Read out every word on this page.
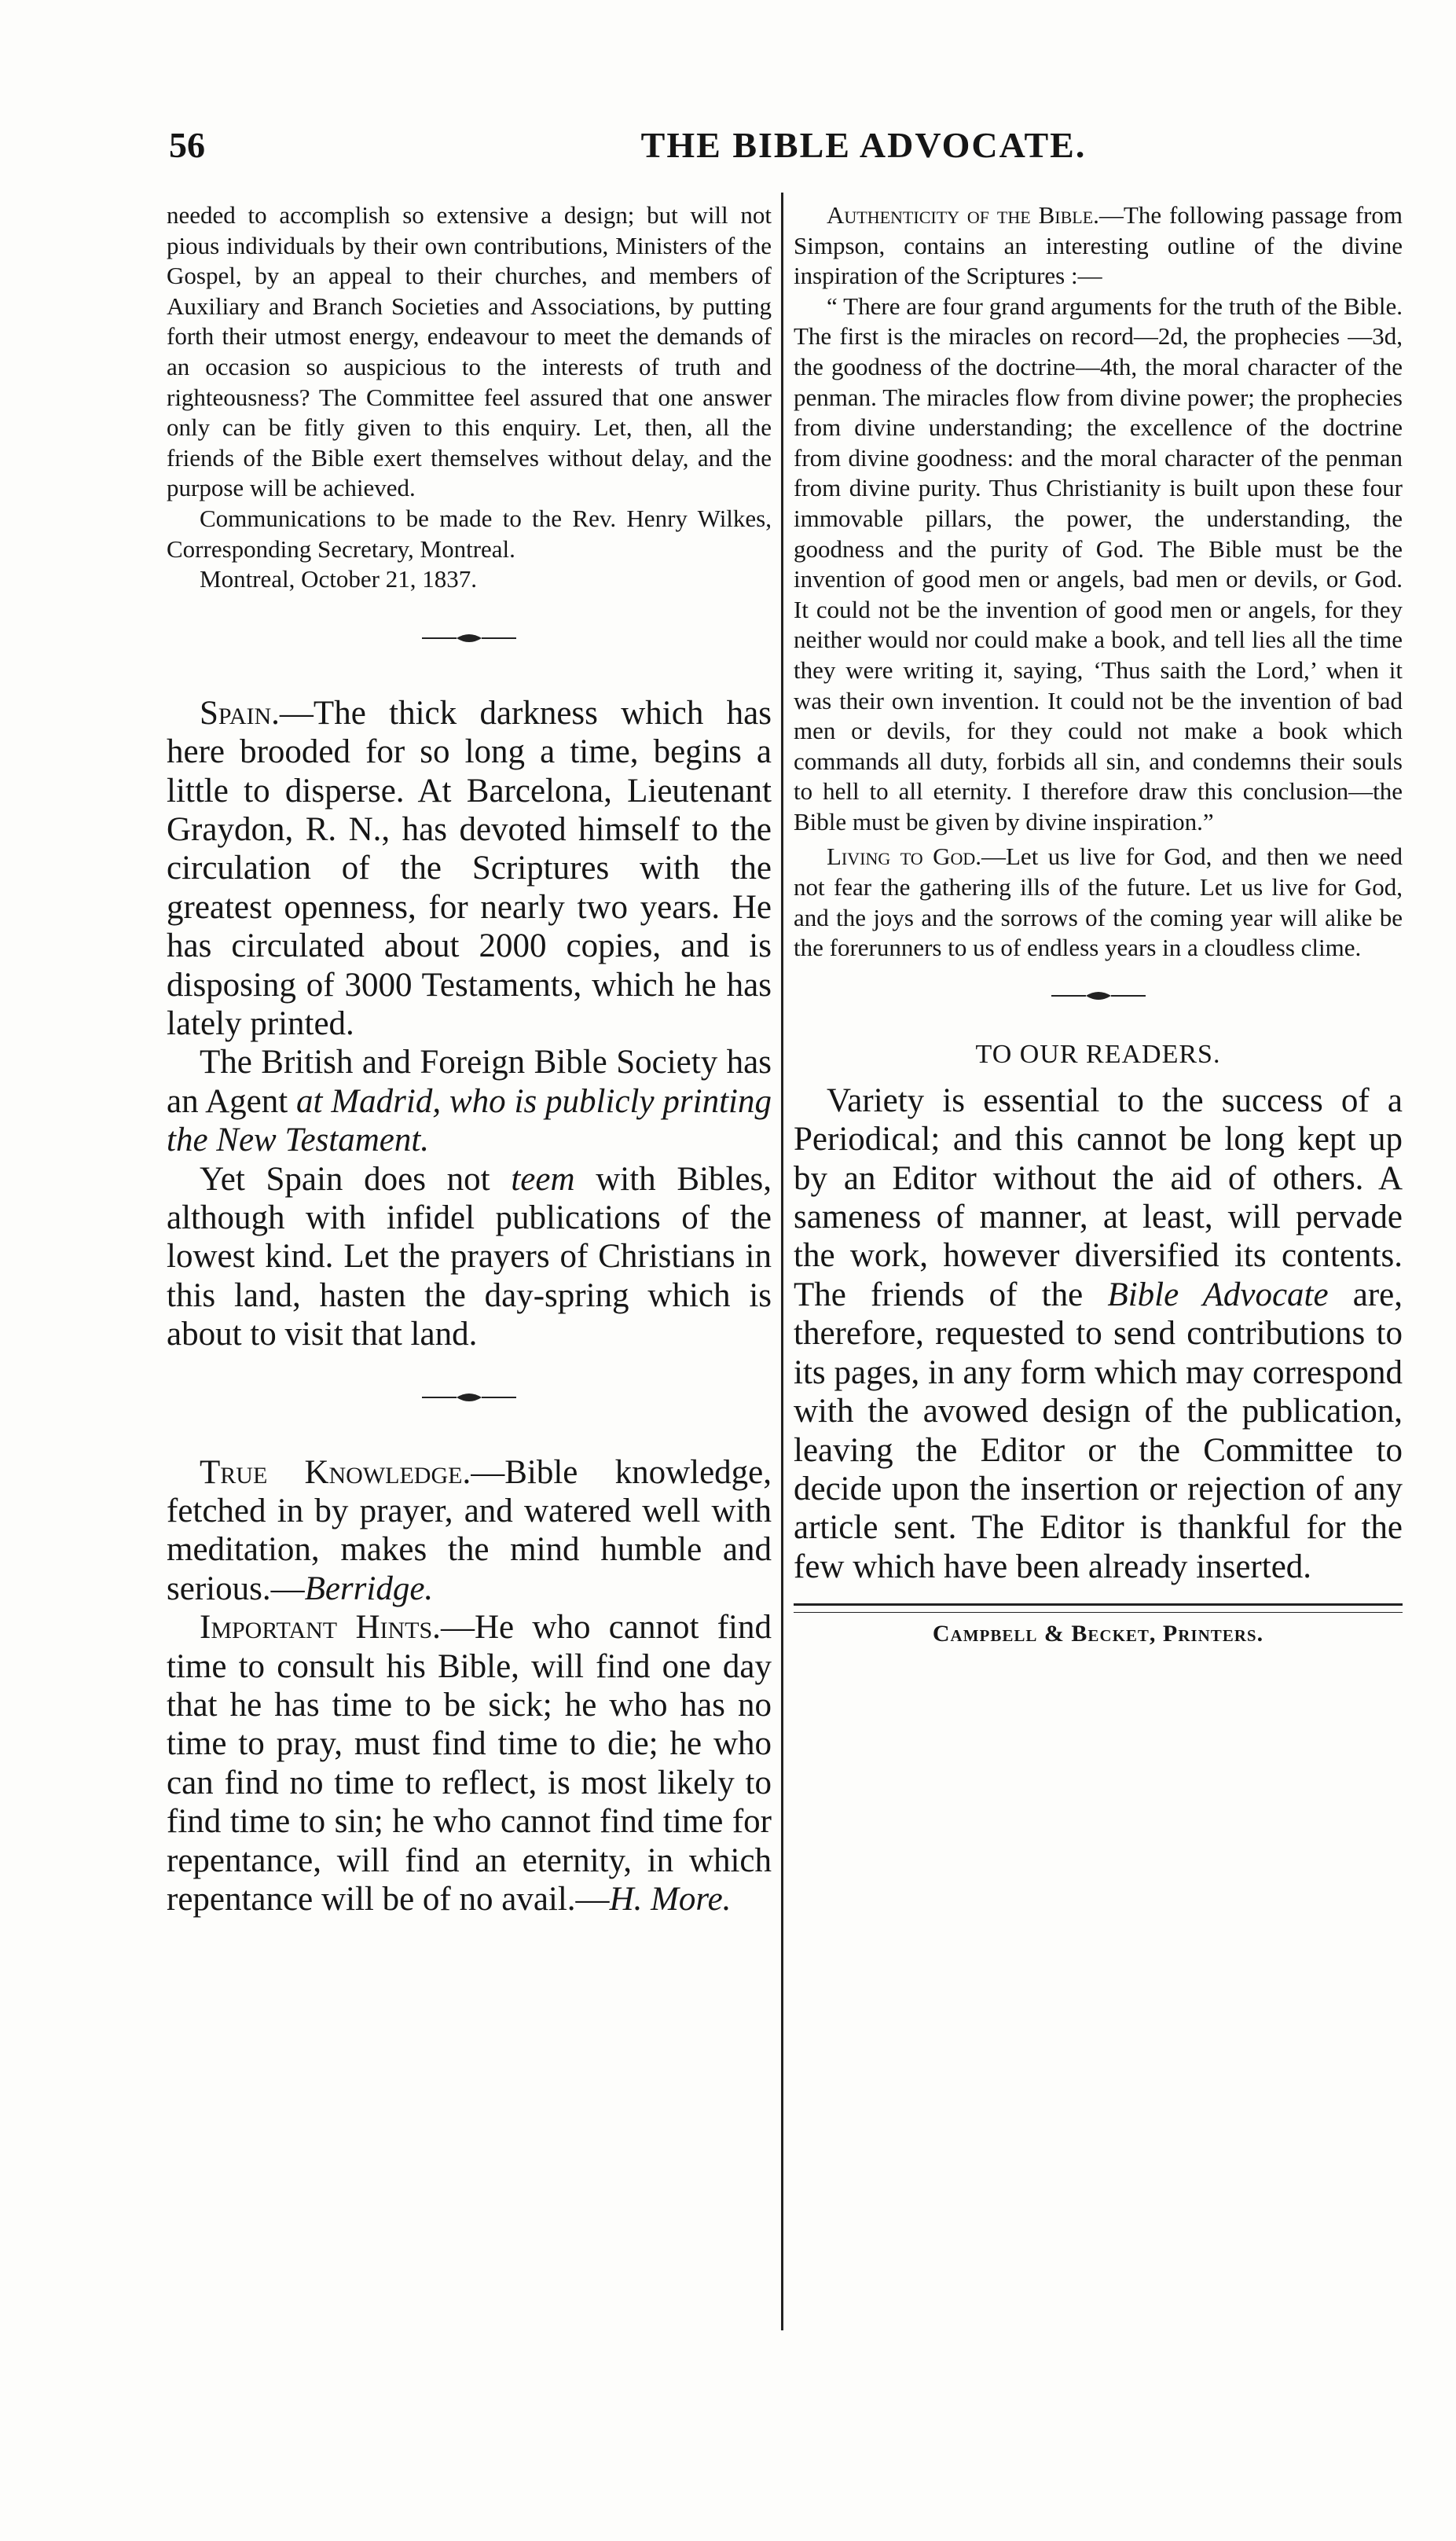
56	THE BIBLE ADVOCATE.

needed to accomplish so extensive a design; but will not pious individuals by their own contributions, Ministers of the Gospel, by an appeal to their churches, and members of Auxiliary and Branch Societies and Associations, by putting forth their utmost energy, endeavour to meet the demands of an occasion so auspicious to the interests of truth and righteousness? The Committee feel assured that one answer only can be fitly given to this enquiry. Let, then, all the friends of the Bible exert themselves without delay, and the purpose will be achieved.

Communications to be made to the Rev. Henry Wilkes, Corresponding Secretary, Montreal.

Montreal, October 21, 1837.

Spain.—The thick darkness which has here brooded for so long a time, begins a little to disperse. At Barcelona, Lieutenant Graydon, R. N., has devoted himself to the circulation of the Scriptures with the greatest openness, for nearly two years. He has circulated about 2000 copies, and is disposing of 3000 Testaments, which he has lately printed.

The British and Foreign Bible Society has an Agent at Madrid, who is publicly printing the New Testament.

Yet Spain does not teem with Bibles, although with infidel publications of the lowest kind. Let the prayers of Christians in this land, hasten the day-spring which is about to visit that land.

True Knowledge.—Bible knowledge, fetched in by prayer, and watered well with meditation, makes the mind humble and serious.—Berridge.

Important Hints.—He who cannot find time to consult his Bible, will find one day that he has time to be sick; he who has no time to pray, must find time to die; he who can find no time to reflect, is most likely to find time to sin; he who cannot find time for repentance, will find an eternity, in which repentance will be of no avail.—H. More.

Authenticity of the Bible.—The following passage from Simpson, contains an interesting outline of the divine inspiration of the Scriptures :—

“ There are four grand arguments for the truth of the Bible. The first is the miracles on record—2d, the prophecies —3d, the goodness of the doctrine—4th, the moral character of the penman. The miracles flow from divine power; the prophecies from divine understanding; the excellence of the doctrine from divine goodness: and the moral character of the penman from divine purity. Thus Christianity is built upon these four immovable pillars, the power, the understanding, the goodness and the purity of God. The Bible must be the invention of good men or angels, bad men or devils, or God. It could not be the invention of good men or angels, for they neither would nor could make a book, and tell lies all the time they were writing it, saying, ‘Thus saith the Lord,’ when it was their own invention. It could not be the invention of bad men or devils, for they could not make a book which commands all duty, forbids all sin, and condemns their souls to hell to all eternity. I therefore draw this conclusion—the Bible must be given by divine inspiration.”

Living to God.—Let us live for God, and then we need not fear the gathering ills of the future. Let us live for God, and the joys and the sorrows of the coming year will alike be the forerunners to us of endless years in a cloudless clime.

TO OUR READERS.

Variety is essential to the success of a Periodical; and this cannot be long kept up by an Editor without the aid of others. A sameness of manner, at least, will pervade the work, however diversified its contents. The friends of the Bible Advocate are, therefore, requested to send contributions to its pages, in any form which may correspond with the avowed design of the publication, leaving the Editor or the Committee to decide upon the insertion or rejection of any article sent. The Editor is thankful for the few which have been already inserted.

Campbell & Becket, Printers.
